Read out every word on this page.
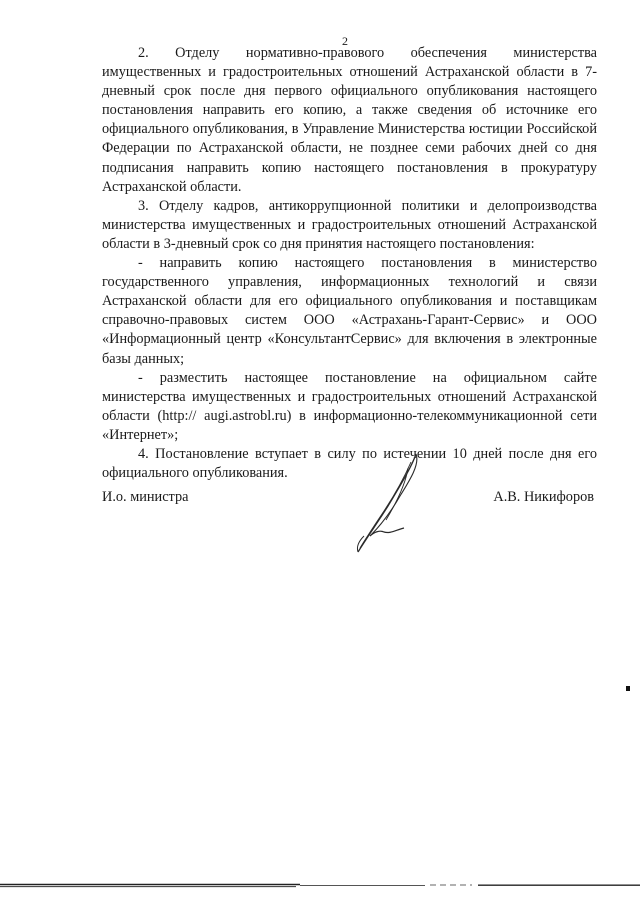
2

2. Отделу нормативно-правового обеспечения министерства имущественных и градостроительных отношений Астраханской области в 7-дневный срок после дня первого официального опубликования настоящего постановления направить его копию, а также сведения об источнике его официального опубликования, в Управление Министерства юстиции Российской Федерации по Астраханской области, не позднее семи рабочих дней со дня подписания направить копию настоящего постановления в прокуратуру Астраханской области.

3. Отделу кадров, антикоррупционной политики и делопроизводства министерства имущественных и градостроительных отношений Астраханской области в 3-дневный срок со дня принятия настоящего постановления:

- направить копию настоящего постановления в министерство государственного управления, информационных технологий и связи Астраханской области для его официального опубликования и поставщикам справочно-правовых систем ООО «Астрахань-Гарант-Сервис» и ООО «Информационный центр «КонсультантСервис» для включения в электронные базы данных;

- разместить настоящее постановление на официальном сайте министерства имущественных и градостроительных отношений Астраханской области (http:// augi.astrobl.ru) в информационно-телекоммуникационной сети «Интернет»;

4. Постановление вступает в силу по истечении 10 дней после дня его официального опубликования.

И.о. министра	А.В. Никифоров
